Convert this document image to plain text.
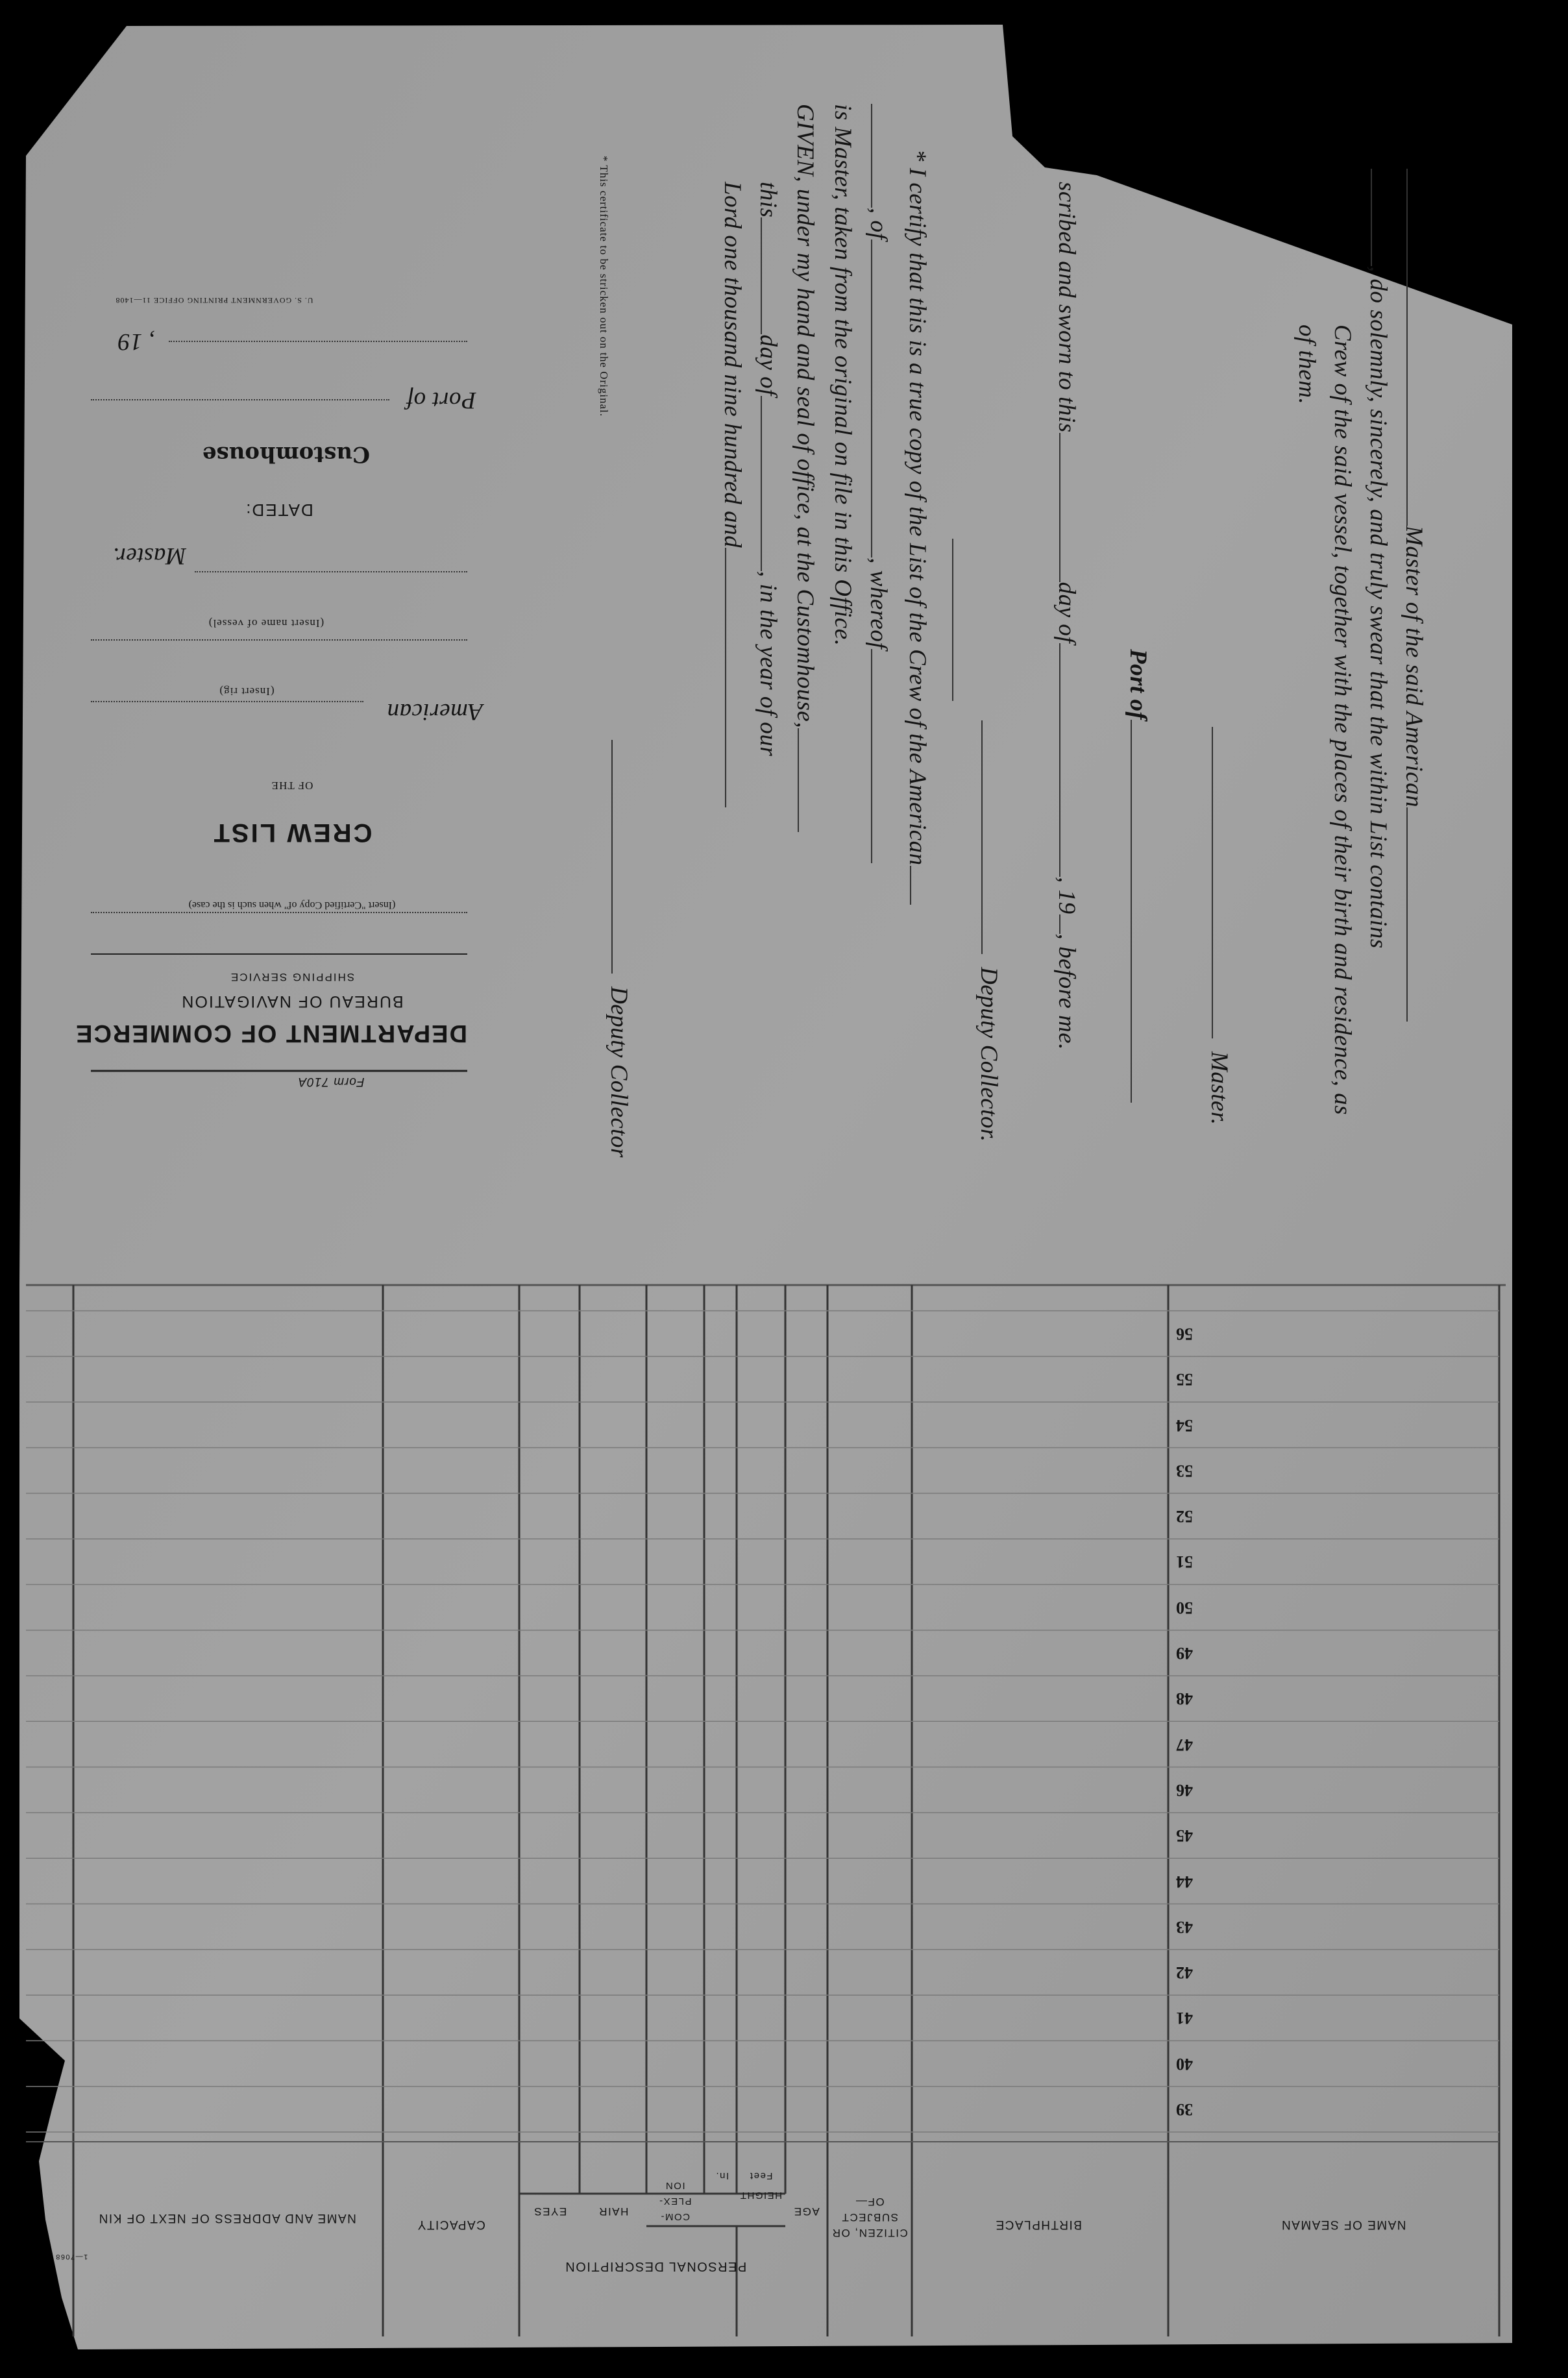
Form 710A
DEPARTMENT OF COMMERCE
BUREAU OF NAVIGATION
SHIPPING SERVICE
(Insert "Certified Copy of" when such is the case)
CREW LIST
OF THE
American
(Insert rig)
(Insert name of vessel)
Master.
DATED:
Customhouse
Port of
, 19
U. S. GOVERNMENT PRINTING OFFICE 11—1408	* This certificate to be stricken out on the Original.	* I certify that this is a true copy of the List of the Crew of the American
, of, whereof
is Master, taken from the original on file in this Office.
GIVEN, under my hand and seal of office, at the Customhouse,
thisday of, in the year of our
Lord one thousand nine hundred and
Deputy Collector
scribed and sworn to thisday of, 19, before me.
Deputy Collector.
Port of
Master.
Master of the said American
, do solemnly, sincerely, and truly swear that the within List contains
Crew of the said vessel, together with the places of their birth and residence, as
of them.
NAME OF SEAMAN
BIRTHPLACE
CITIZEN, OR SUBJECT OF—
AGE
HEIGHT
Feet
In.
COM-PLEX-ION
HAIR
EYES
PERSONAL DESCRIPTION
CAPACITY
NAME AND ADDRESS OF NEXT OF KIN
1—7068
39
40
41
42
43
44
45
46
47
48
49
50
51
52
53
54
55
56
